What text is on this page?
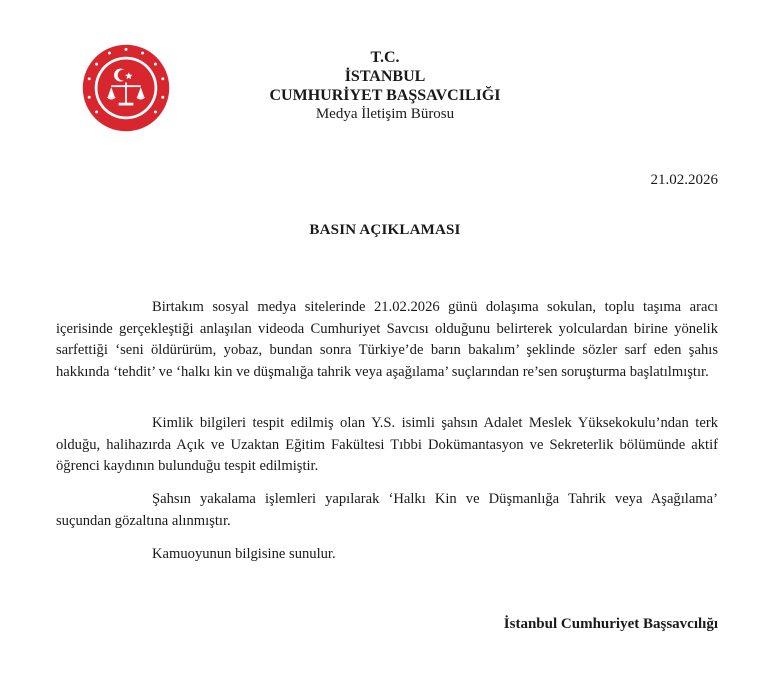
T.C.
İSTANBUL
CUMHURİYET BAŞSAVCILIĞI
Medya İletişim Bürosu
21.02.2026
BASIN AÇIKLAMASI

Birtakım sosyal medya sitelerinde 21.02.2026 günü dolaşıma sokulan, toplu taşıma aracı içerisinde gerçekleştiği anlaşılan videoda Cumhuriyet Savcısı olduğunu belirterek yolculardan birine yönelik sarfettiği ‘seni öldürürüm, yobaz, bundan sonra Türkiye’de barın bakalım’ şeklinde sözler sarf eden şahıs hakkında ‘tehdit’ ve ‘halkı kin ve düşmalığa tahrik veya aşağılama’ suçlarından re’sen soruşturma başlatılmıştır.

Kimlik bilgileri tespit edilmiş olan Y.S. isimli şahsın Adalet Meslek Yüksekokulu’ndan terk olduğu, halihazırda Açık ve Uzaktan Eğitim Fakültesi Tıbbi Dokümantasyon ve Sekreterlik bölümünde aktif öğrenci kaydının bulunduğu tespit edilmiştir.

Şahsın yakalama işlemleri yapılarak ‘Halkı Kin ve Düşmanlığa Tahrik veya Aşağılama’ suçundan gözaltına alınmıştır.

Kamuoyunun bilgisine sunulur.

İstanbul Cumhuriyet Başsavcılığı
